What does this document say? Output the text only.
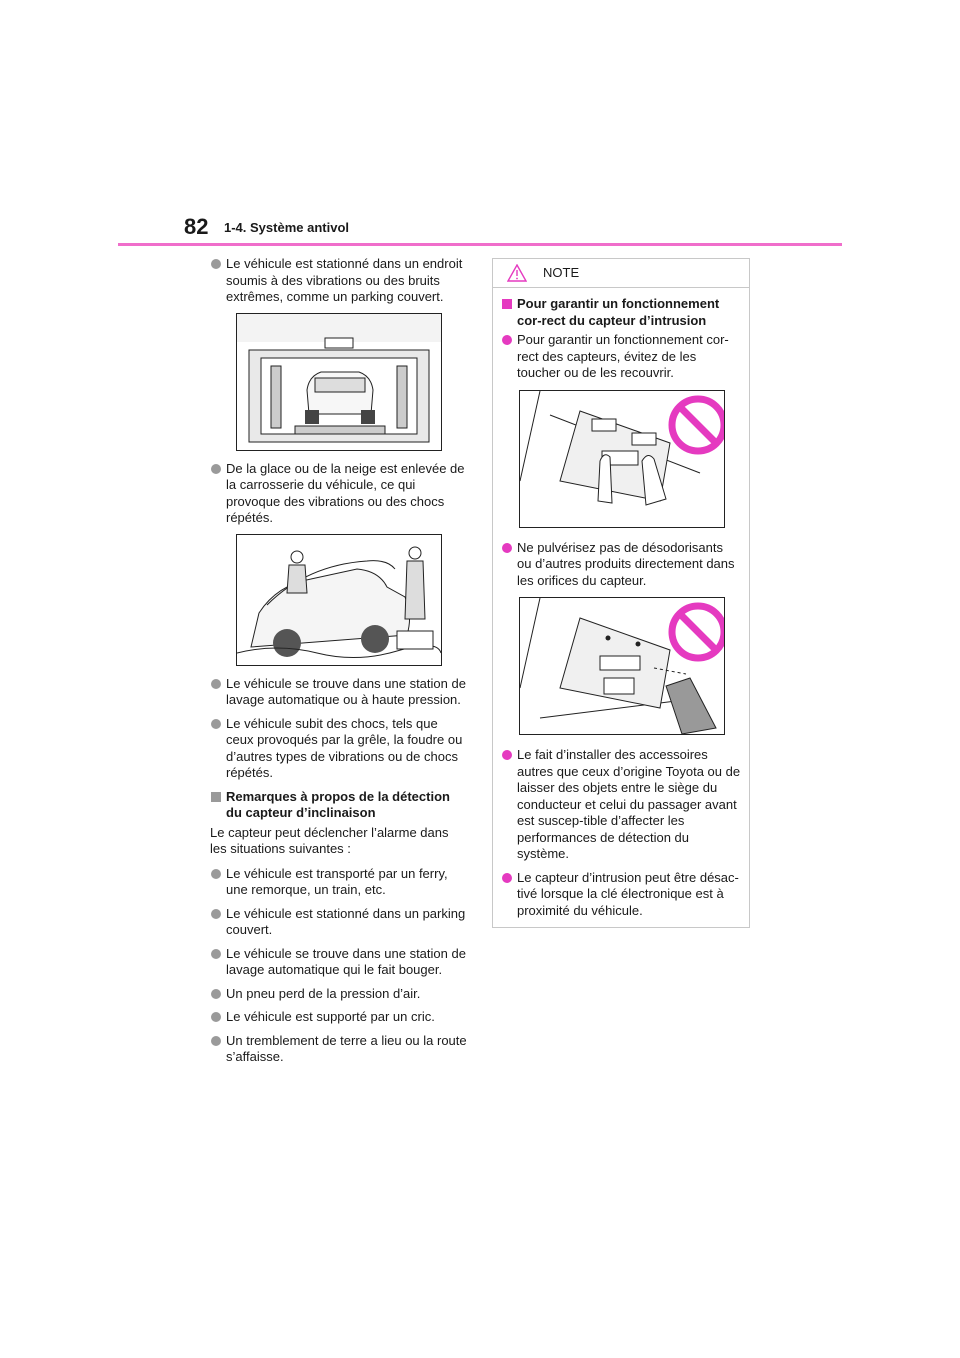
82 1-4. Système antivol
Le véhicule est stationné dans un endroit soumis à des vibrations ou des bruits extrêmes, comme un parking couvert.
De la glace ou de la neige est enlevée de la carrosserie du véhicule, ce qui provoque des vibrations ou des chocs répétés.
Le véhicule se trouve dans une station de lavage automatique ou à haute pression.
Le véhicule subit des chocs, tels que ceux provoqués par la grêle, la foudre ou d’autres types de vibrations ou de chocs répétés.
Remarques à propos de la détection du capteur d’inclinaison
Le capteur peut déclencher l’alarme dans les situations suivantes :
Le véhicule est transporté par un ferry, une remorque, un train, etc.
Le véhicule est stationné dans un parking couvert.
Le véhicule se trouve dans une station de lavage automatique qui le fait bouger.
Un pneu perd de la pression d’air.
Le véhicule est supporté par un cric.
Un tremblement de terre a lieu ou la route s’affaisse.
NOTE
Pour garantir un fonctionnement cor-rect du capteur d’intrusion
Pour garantir un fonctionnement cor-rect des capteurs, évitez de les toucher ou de les recouvrir.
Ne pulvérisez pas de désodorisants ou d’autres produits directement dans les orifices du capteur.
Le fait d’installer des accessoires autres que ceux d’origine Toyota ou de laisser des objets entre le siège du conducteur et celui du passager avant est suscep-tible d’affecter les performances de détection du système.
Le capteur d’intrusion peut être désac-tivé lorsque la clé électronique est à proximité du véhicule.
